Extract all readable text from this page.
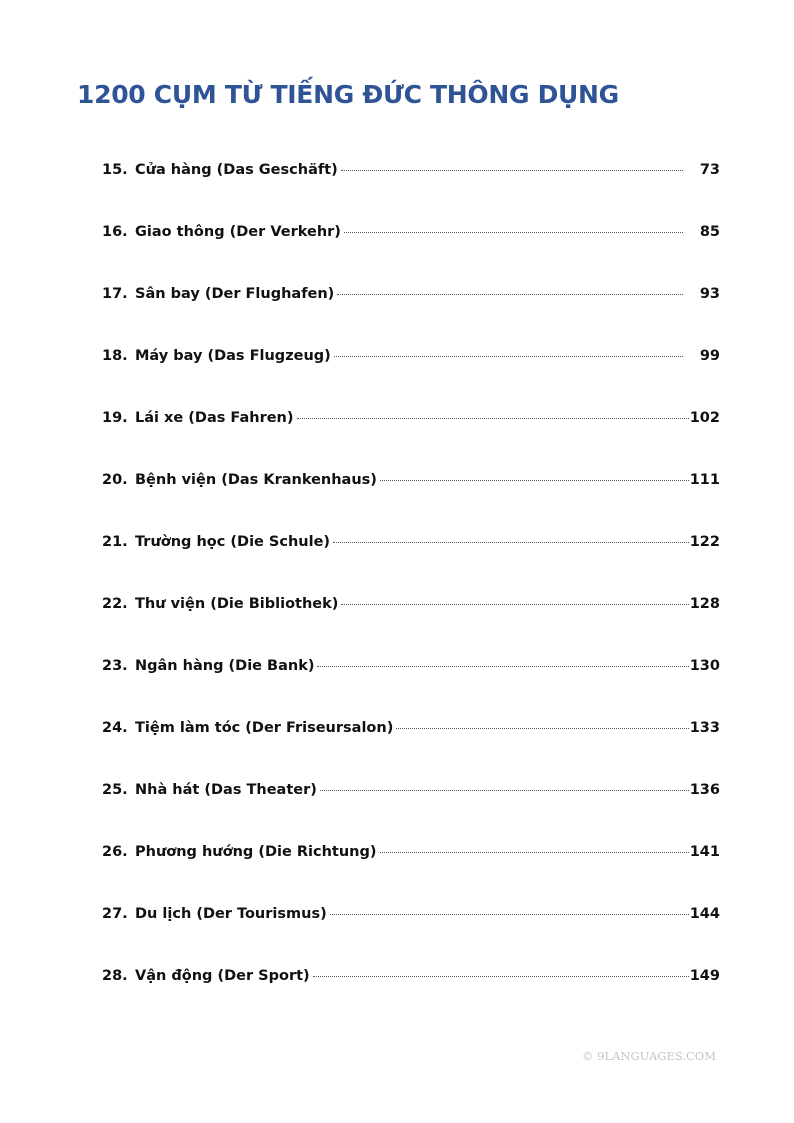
1200 CỤM TỪ TIẾNG ĐỨC THÔNG DỤNG
15. Cửa hàng (Das Geschäft)	73
16. Giao thông (Der Verkehr)	85
17. Sân bay (Der Flughafen)	93
18. Máy bay (Das Flugzeug)	99
19. Lái xe (Das Fahren)	102
20. Bệnh viện (Das Krankenhaus)	111
21. Trường học (Die Schule)	122
22. Thư viện (Die Bibliothek)	128
23. Ngân hàng (Die Bank)	130
24. Tiệm làm tóc (Der Friseursalon)	133
25. Nhà hát (Das Theater)	136
26. Phương hướng (Die Richtung)	141
27. Du lịch (Der Tourismus)	144
28. Vận động (Der Sport)	149
© 9LANGUAGES.COM
